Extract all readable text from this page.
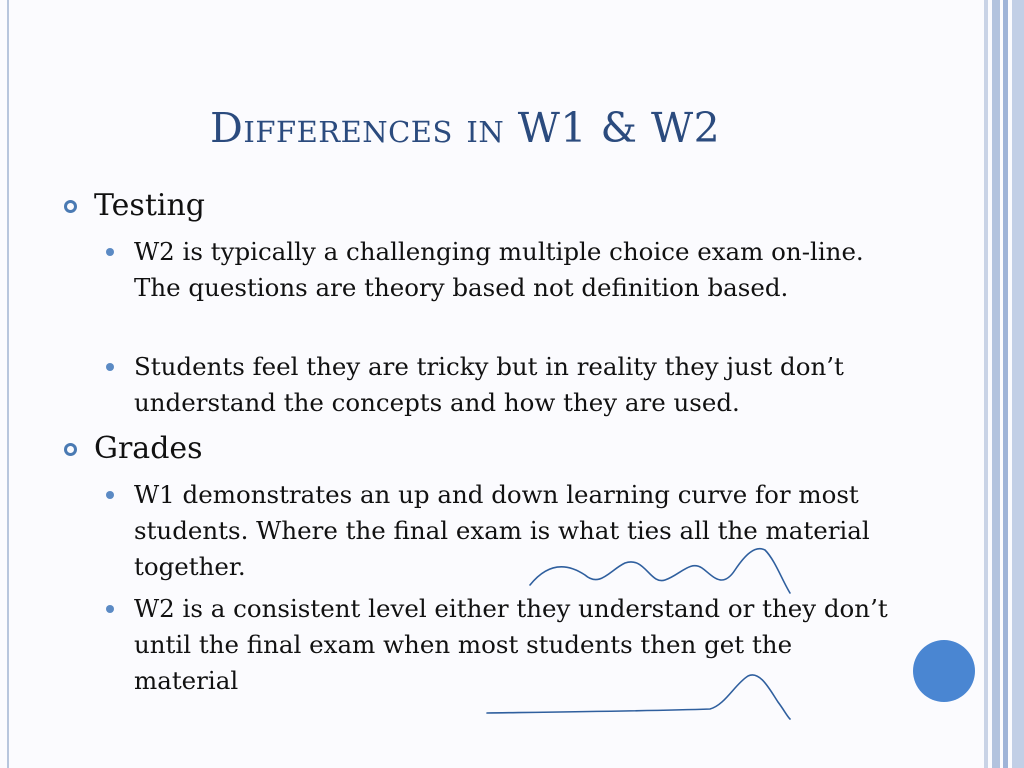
Differences in W1 & W2
Testing
W2 is typically a challenging multiple choice exam on-line. The questions are theory based not definition based.
Students feel they are tricky but in reality they just don’t understand the concepts and how they are used.
Grades
W1 demonstrates an up and down learning curve for most students. Where the final exam is what ties all the material together.
W2 is a consistent level either they understand or they don’t until the final exam when most students then get the material
